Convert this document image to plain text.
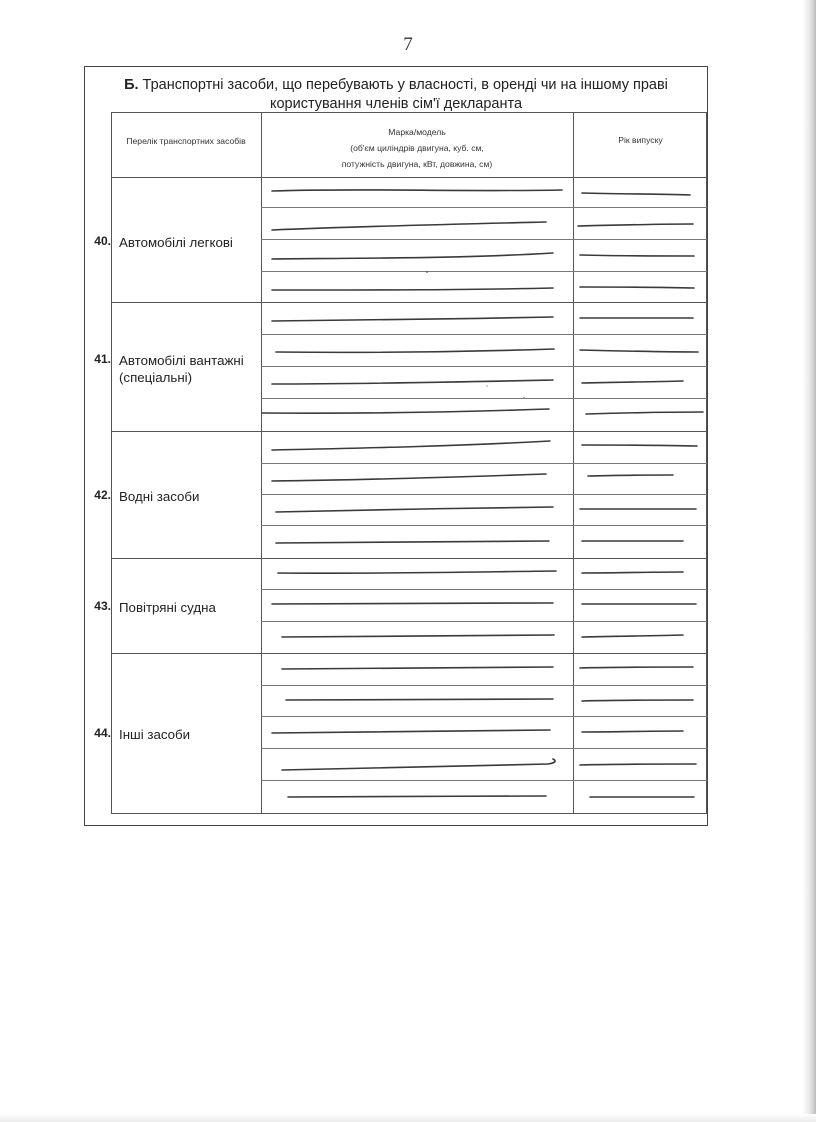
7
Б. Транспортні засоби, що перебувають у власності, в оренді чи на іншому праві користування членів сім'ї декларанта
Перелік транспортних засобів
Марка/модель
(об'єм циліндрів двигуна, куб. см,
потужність двигуна, кВт, довжина, см)
Рік випуску
40. Автомобілі легкові
41. Автомобілі вантажні
(спеціальні)
42. Водні засоби
43. Повітряні судна
44. Інші засоби
